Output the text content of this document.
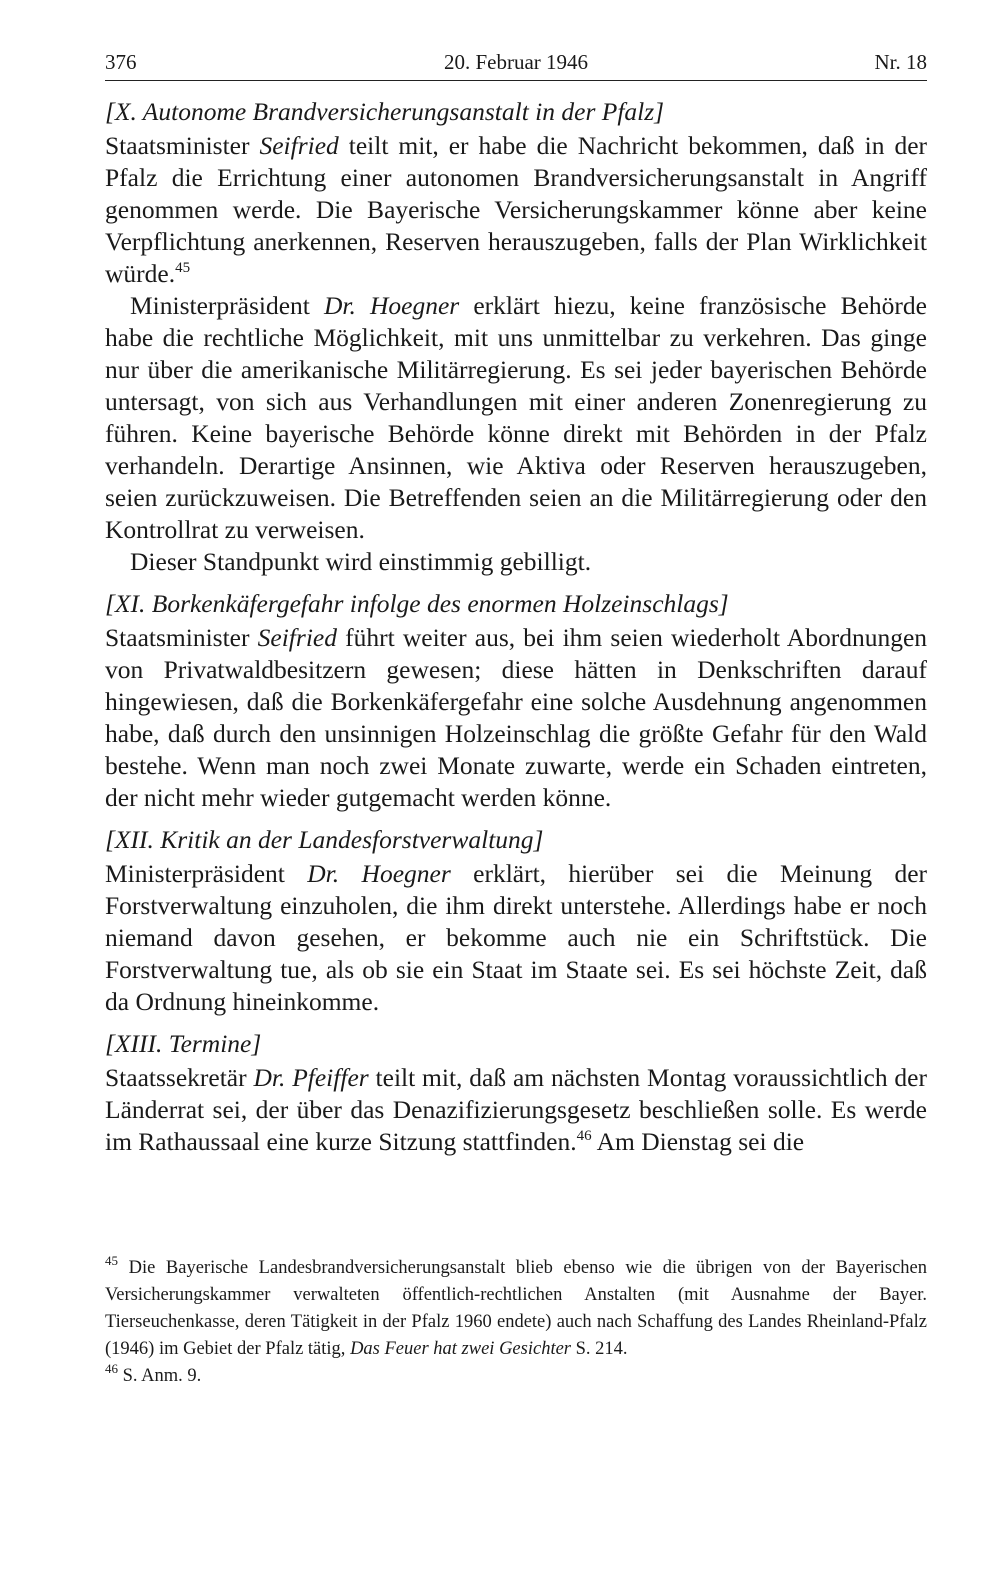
376	20. Februar 1946	Nr. 18
[X. Autonome Brandversicherungsanstalt in der Pfalz]

Staatsminister Seifried teilt mit, er habe die Nachricht bekommen, daß in der Pfalz die Errichtung einer autonomen Brandversicherungsanstalt in Angriff genommen werde. Die Bayerische Versicherungskammer könne aber keine Verpflichtung anerkennen, Reserven herauszugeben, falls der Plan Wirklichkeit würde.$^{45}$

Ministerpräsident Dr. Hoegner erklärt hiezu, keine französische Behörde habe die rechtliche Möglichkeit, mit uns unmittelbar zu verkehren. Das ginge nur über die amerikanische Militärregierung. Es sei jeder bayerischen Behörde untersagt, von sich aus Verhandlungen mit einer anderen Zonenregierung zu führen. Keine bayerische Behörde könne direkt mit Behörden in der Pfalz verhandeln. Derartige Ansinnen, wie Aktiva oder Reserven herauszugeben, seien zurückzuweisen. Die Betreffenden seien an die Militärregierung oder den Kontrollrat zu verweisen.

Dieser Standpunkt wird einstimmig gebilligt.

[XI. Borkenkäfergefahr infolge des enormen Holzeinschlags]

Staatsminister Seifried führt weiter aus, bei ihm seien wiederholt Abordnungen von Privatwaldbesitzern gewesen; diese hätten in Denkschriften darauf hingewiesen, daß die Borkenkäfergefahr eine solche Ausdehnung angenommen habe, daß durch den unsinnigen Holzeinschlag die größte Gefahr für den Wald bestehe. Wenn man noch zwei Monate zuwarte, werde ein Schaden eintreten, der nicht mehr wieder gutgemacht werden könne.

[XII. Kritik an der Landesforstverwaltung]

Ministerpräsident Dr. Hoegner erklärt, hierüber sei die Meinung der Forstverwaltung einzuholen, die ihm direkt unterstehe. Allerdings habe er noch niemand davon gesehen, er bekomme auch nie ein Schriftstück. Die Forstverwaltung tue, als ob sie ein Staat im Staate sei. Es sei höchste Zeit, daß da Ordnung hineinkomme.

[XIII. Termine]

Staatssekretär Dr. Pfeiffer teilt mit, daß am nächsten Montag voraussichtlich der Länderrat sei, der über das Denazifizierungsgesetz beschließen solle. Es werde im Rathaussaal eine kurze Sitzung stattfinden.$^{46}$ Am Dienstag sei die

$^{45}$ Die Bayerische Landesbrandversicherungsanstalt blieb ebenso wie die übrigen von der Bayerischen Versicherungskammer verwalteten öffentlich-rechtlichen Anstalten (mit Ausnahme der Bayer. Tierseuchenkasse, deren Tätigkeit in der Pfalz 1960 endete) auch nach Schaffung des Landes Rheinland-Pfalz (1946) im Gebiet der Pfalz tätig, Das Feuer hat zwei Gesichter S. 214.

$^{46}$ S. Anm. 9.
